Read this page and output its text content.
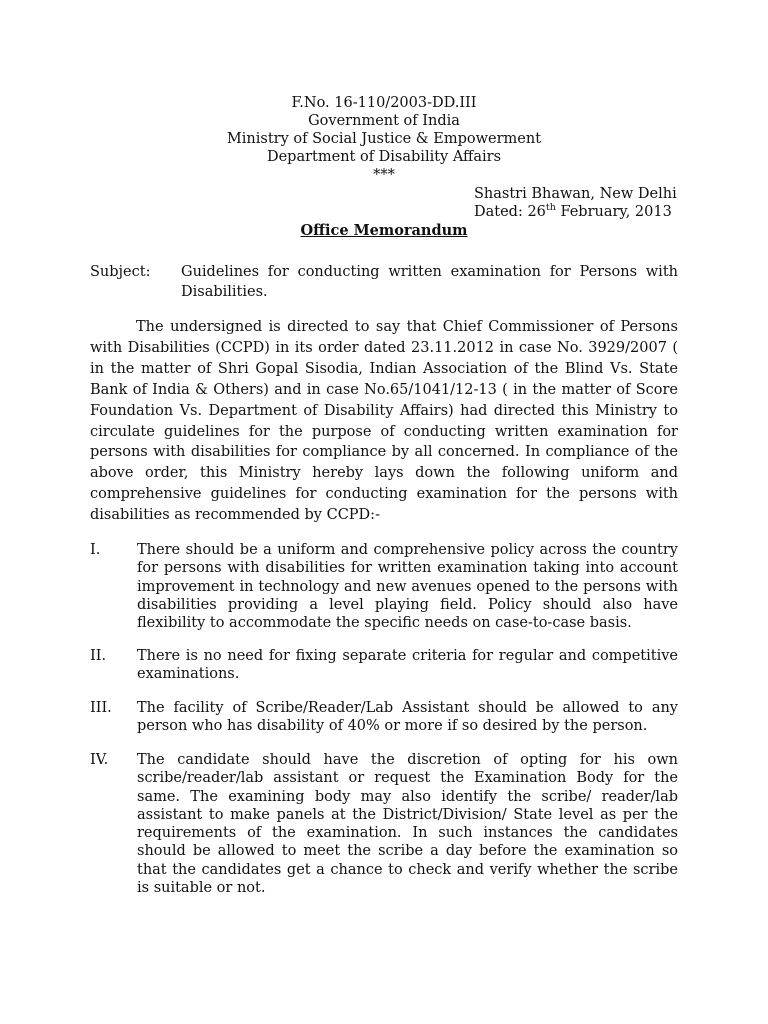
F.No. 16-110/2003-DD.III
Government of India
Ministry of Social Justice & Empowerment
Department of Disability Affairs
***
Shastri Bhawan, New Delhi
Dated: 26th February, 2013
Office Memorandum
Subject: Guidelines for conducting written examination for Persons with Disabilities.
The undersigned is directed to say that Chief Commissioner of Persons with Disabilities (CCPD) in its order dated 23.11.2012 in case No. 3929/2007 ( in the matter of Shri Gopal Sisodia, Indian Association of the Blind Vs. State Bank of India & Others) and in case No.65/1041/12-13 ( in the matter of Score Foundation Vs. Department of Disability Affairs) had directed this Ministry to circulate guidelines for the purpose of conducting written examination for persons with disabilities for compliance by all concerned. In compliance of the above order, this Ministry hereby lays down the following uniform and comprehensive guidelines for conducting examination for the persons with disabilities as recommended by CCPD:-
I.	There should be a uniform and comprehensive policy across the country for persons with disabilities for written examination taking into account improvement in technology and new avenues opened to the persons with disabilities providing a level playing field. Policy should also have flexibility to accommodate the specific needs on case-to-case basis.
II. There is no need for fixing separate criteria for regular and competitive examinations.
III. The facility of Scribe/Reader/Lab Assistant should be allowed to any person who has disability of 40% or more if so desired by the person.
IV. The candidate should have the discretion of opting for his own scribe/reader/lab assistant or request the Examination Body for the same. The examining body may also identify the scribe/ reader/lab assistant to make panels at the District/Division/ State level as per the requirements of the examination. In such instances the candidates should be allowed to meet the scribe a day before the examination so that the candidates get a chance to check and verify whether the scribe is suitable or not.
